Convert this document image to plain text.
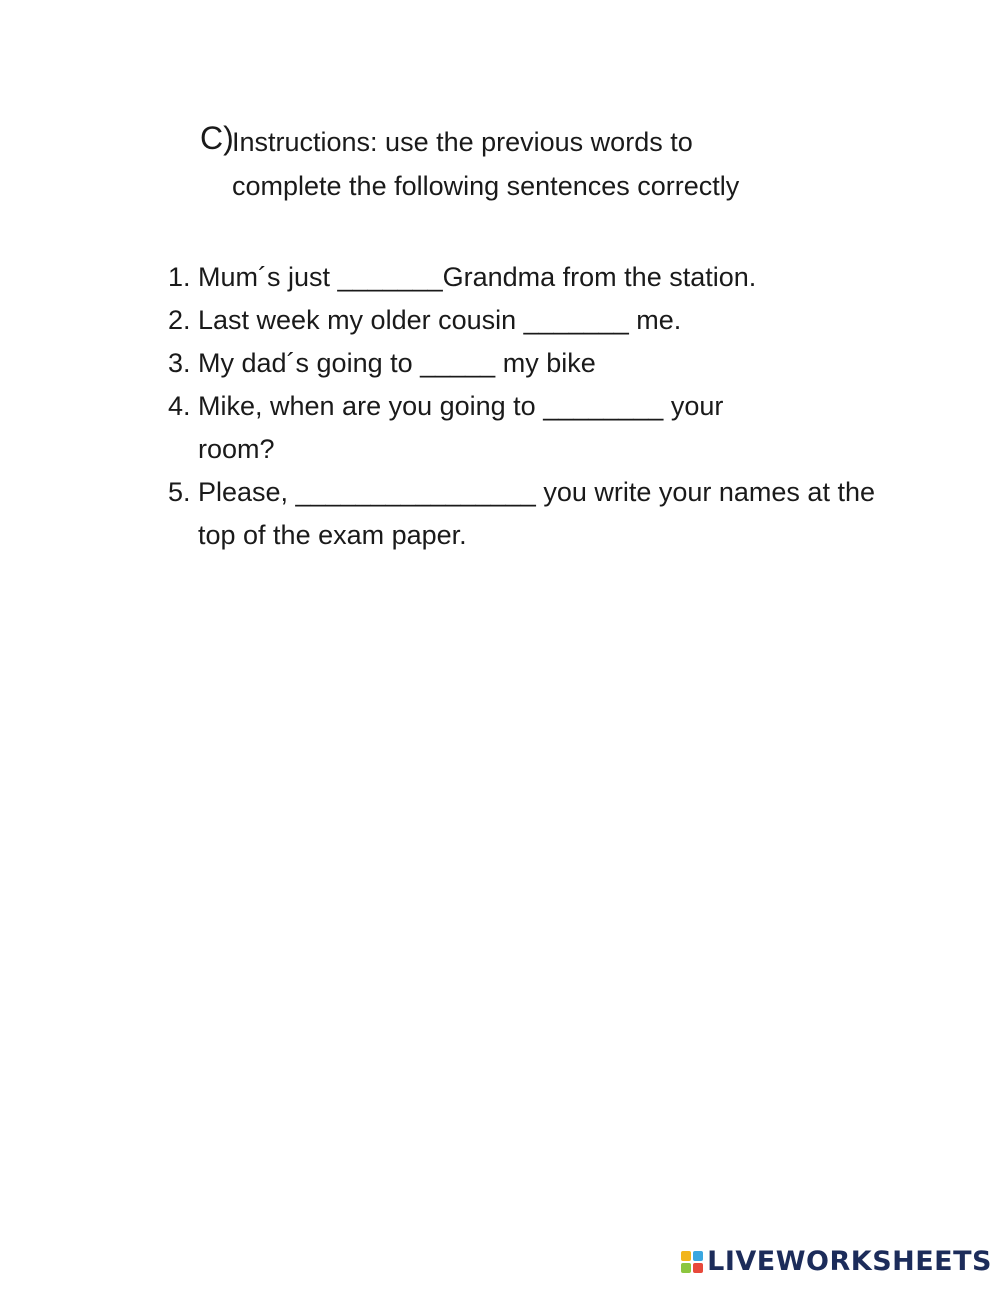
C)
Instructions: use the previous words to
complete the following sentences correctly
1. Mum´s just _______Grandma from the station.
2. Last week my older cousin _______ me.
3. My dad´s going to _____ my bike
4. Mike, when are you going to ________ your room?
5. Please, ________________ you write your names at the top of the exam paper.
LIVEWORKSHEETS
